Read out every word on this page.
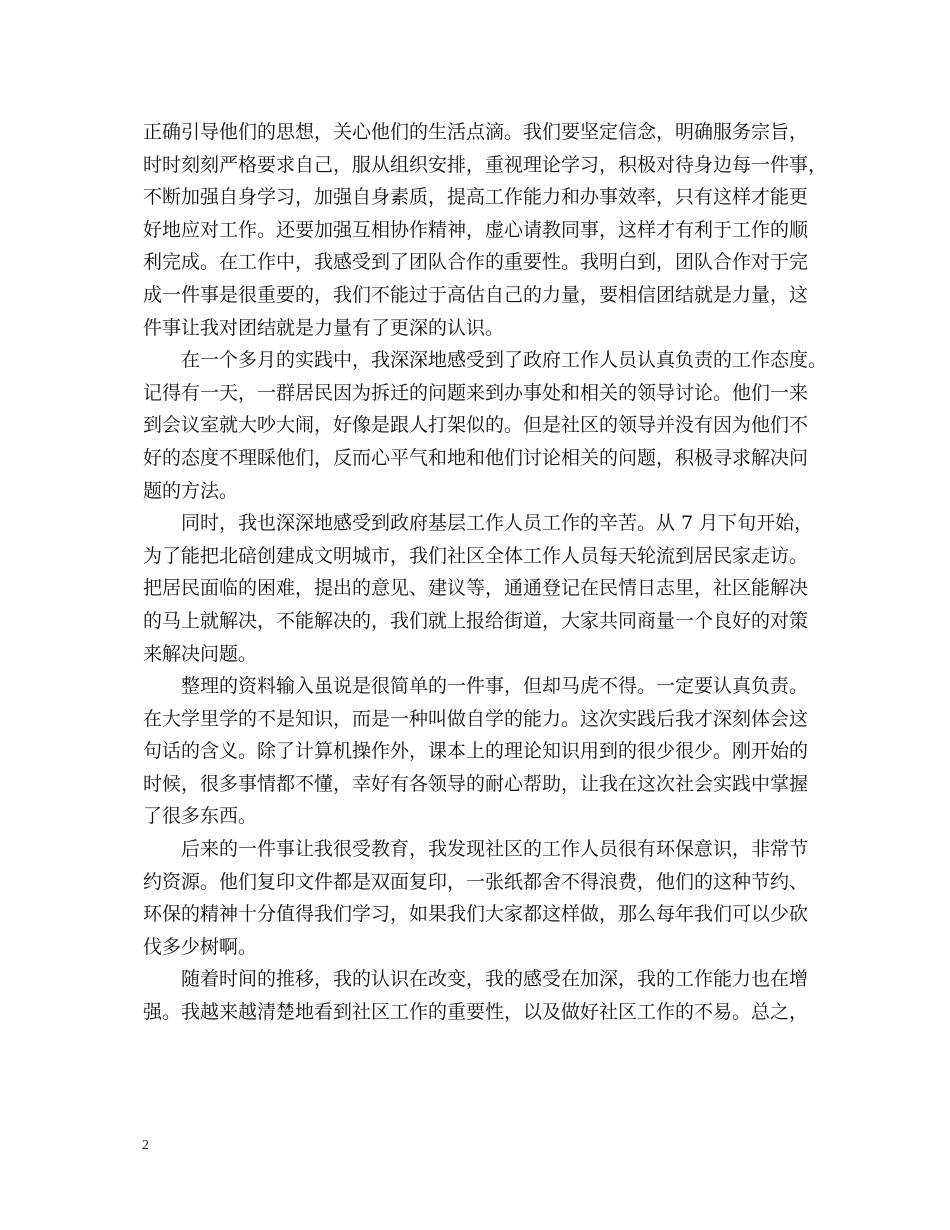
正确引导他们的思想，关心他们的生活点滴。我们要坚定信念，明确服务宗旨，
时时刻刻严格要求自己，服从组织安排，重视理论学习，积极对待身边每一件事，
不断加强自身学习，加强自身素质，提高工作能力和办事效率，只有这样才能更
好地应对工作。还要加强互相协作精神，虚心请教同事，这样才有利于工作的顺
利完成。在工作中，我感受到了团队合作的重要性。我明白到，团队合作对于完
成一件事是很重要的，我们不能过于高估自己的力量，要相信团结就是力量，这
件事让我对团结就是力量有了更深的认识。
在一个多月的实践中，我深深地感受到了政府工作人员认真负责的工作态度。
记得有一天，一群居民因为拆迁的问题来到办事处和相关的领导讨论。他们一来
到会议室就大吵大闹，好像是跟人打架似的。但是社区的领导并没有因为他们不
好的态度不理睬他们，反而心平气和地和他们讨论相关的问题，积极寻求解决问
题的方法。
同时，我也深深地感受到政府基层工作人员工作的辛苦。从 7 月下旬开始，
为了能把北碚创建成文明城市，我们社区全体工作人员每天轮流到居民家走访。
把居民面临的困难，提出的意见、建议等，通通登记在民情日志里，社区能解决
的马上就解决，不能解决的，我们就上报给街道，大家共同商量一个良好的对策
来解决问题。
整理的资料输入虽说是很简单的一件事，但却马虎不得。一定要认真负责。
在大学里学的不是知识，而是一种叫做自学的能力。这次实践后我才深刻体会这
句话的含义。除了计算机操作外，课本上的理论知识用到的很少很少。刚开始的
时候，很多事情都不懂，幸好有各领导的耐心帮助，让我在这次社会实践中掌握
了很多东西。
后来的一件事让我很受教育，我发现社区的工作人员很有环保意识，非常节
约资源。他们复印文件都是双面复印，一张纸都舍不得浪费，他们的这种节约、
环保的精神十分值得我们学习，如果我们大家都这样做，那么每年我们可以少砍
伐多少树啊。
随着时间的推移，我的认识在改变，我的感受在加深，我的工作能力也在增
强。我越来越清楚地看到社区工作的重要性，以及做好社区工作的不易。总之，
2
